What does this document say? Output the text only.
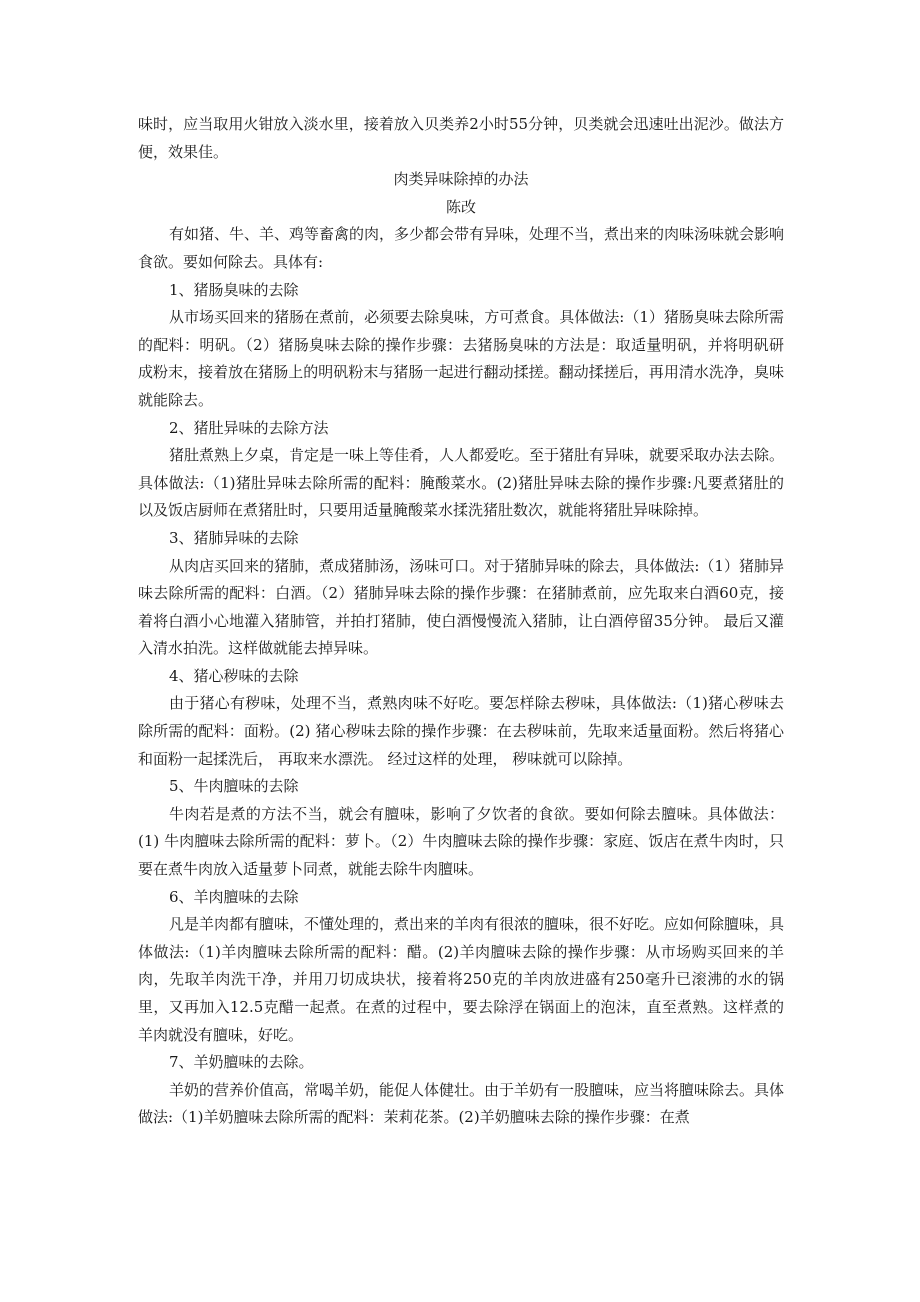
味时，应当取用火钳放入淡水里，接着放入贝类养2小时55分钟，贝类就会迅速吐出泥沙。做法方便，效果佳。

肉类异味除掉的办法

陈改

有如猪、牛、羊、鸡等畜禽的肉，多少都会带有异味，处理不当，煮出来的肉味汤味就会影响食欲。要如何除去。具体有:

1、猪肠臭味的去除

从市场买回来的猪肠在煮前，必须要去除臭味，方可煮食。具体做法:（1）猪肠臭味去除所需的配料：明矾。（2）猪肠臭味去除的操作步骤：去猪肠臭味的方法是：取适量明矾，并将明矾研成粉末，接着放在猪肠上的明矾粉末与猪肠一起进行翻动揉搓。翻动揉搓后，再用清水洗净，臭味就能除去。

2、猪肚异味的去除方法

猪肚煮熟上夕桌，肯定是一味上等佳肴，人人都爱吃。至于猪肚有异味，就要采取办法去除。具体做法:（1)猪肚异味去除所需的配料：腌酸菜水。(2)猪肚异味去除的操作步骤:凡要煮猪肚的以及饭店厨师在煮猪肚时，只要用适量腌酸菜水揉洗猪肚数次，就能将猪肚异味除掉。

3、猪肺异味的去除

从肉店买回来的猪肺，煮成猪肺汤，汤味可口。对于猪肺异味的除去，具体做法:（1）猪肺异味去除所需的配料：白酒。（2）猪肺异味去除的操作步骤：在猪肺煮前，应先取来白酒60克，接着将白酒小心地灌入猪肺管，并拍打猪肺，使白酒慢慢流入猪肺，让白酒停留35分钟。 最后又灌入清水拍洗。这样做就能去掉异味。

4、猪心秽味的去除

由于猪心有秽味，处理不当，煮熟肉味不好吃。要怎样除去秽味，具体做法:（1)猪心秽味去除所需的配料：面粉。(2) 猪心秽味去除的操作步骤：在去秽味前，先取来适量面粉。然后将猪心和面粉一起揉洗后， 再取来水漂洗。 经过这样的处理， 秽味就可以除掉。

5、牛肉膻味的去除

牛肉若是煮的方法不当，就会有膻味，影响了夕饮者的食欲。要如何除去膻味。具体做法：(1) 牛肉膻味去除所需的配料：萝卜。（2）牛肉膻味去除的操作步骤：家庭、饭店在煮牛肉时，只要在煮牛肉放入适量萝卜同煮，就能去除牛肉膻味。

6、羊肉膻味的去除

凡是羊肉都有膻味，不懂处理的，煮出来的羊肉有很浓的膻味，很不好吃。应如何除膻味，具体做法:（1)羊肉膻味去除所需的配料：醋。(2)羊肉膻味去除的操作步骤：从市场购买回来的羊肉，先取羊肉洗干净，并用刀切成块状，接着将250克的羊肉放进盛有250毫升已滚沸的水的锅里，又再加入12.5克醋一起煮。在煮的过程中，要去除浮在锅面上的泡沫，直至煮熟。这样煮的羊肉就没有膻味，好吃。

7、羊奶膻味的去除。

羊奶的营养价值高，常喝羊奶，能促人体健壮。由于羊奶有一股膻味，应当将膻味除去。具体做法:（1)羊奶膻味去除所需的配料：茉莉花茶。(2)羊奶膻味去除的操作步骤：在煮
